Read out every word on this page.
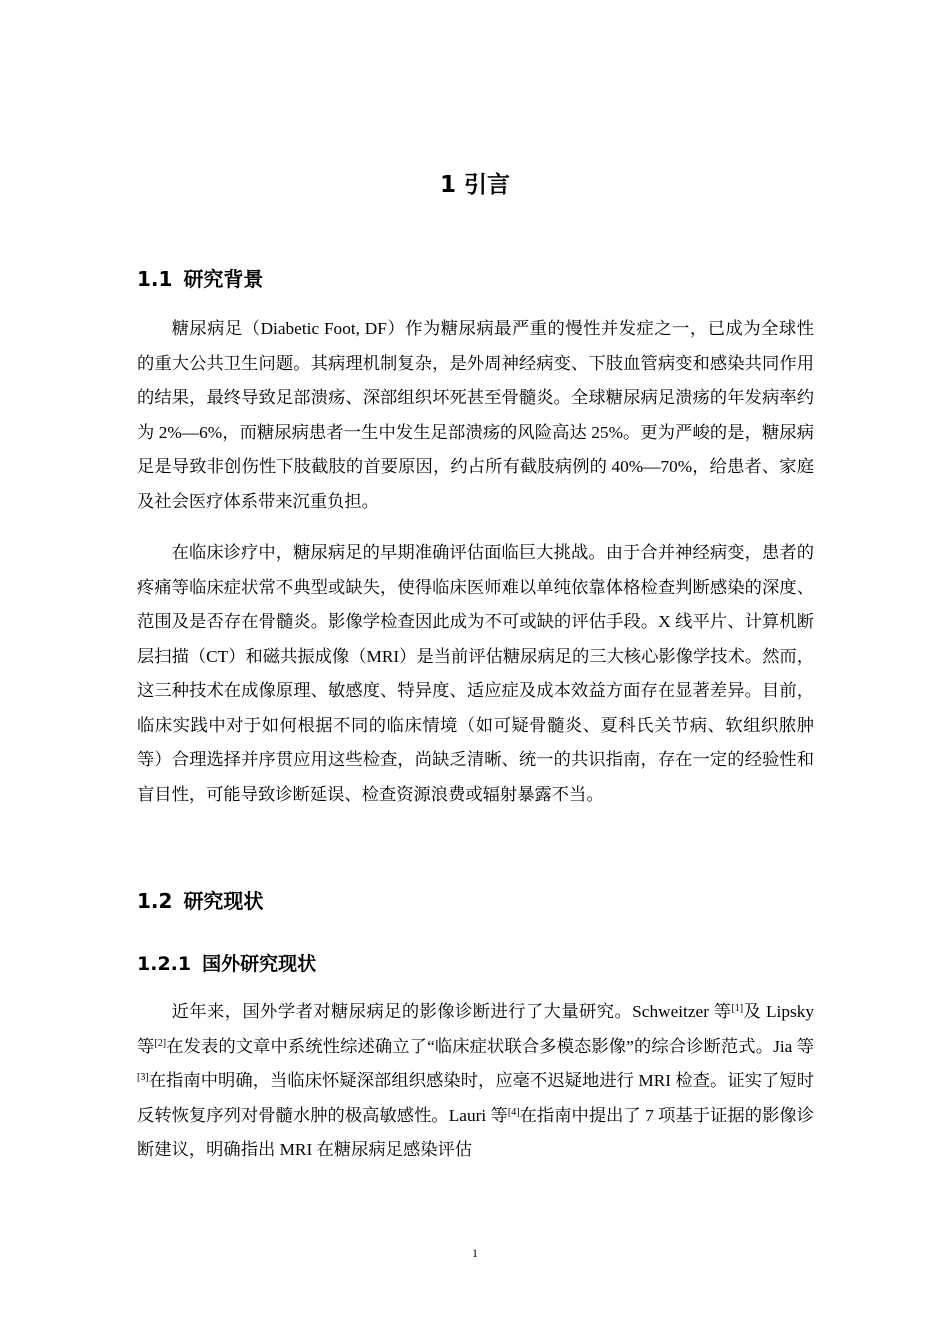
1 引言
1.1 研究背景

糖尿病足（Diabetic Foot, DF）作为糖尿病最严重的慢性并发症之一，已成为全球性的重大公共卫生问题。其病理机制复杂，是外周神经病变、下肢血管病变和感染共同作用的结果，最终导致足部溃疡、深部组织坏死甚至骨髓炎。全球糖尿病足溃疡的年发病率约为 2%—6%，而糖尿病患者一生中发生足部溃疡的风险高达 25%。更为严峻的是，糖尿病足是导致非创伤性下肢截肢的首要原因，约占所有截肢病例的 40%—70%，给患者、家庭及社会医疗体系带来沉重负担。

在临床诊疗中，糖尿病足的早期准确评估面临巨大挑战。由于合并神经病变，患者的疼痛等临床症状常不典型或缺失，使得临床医师难以单纯依靠体格检查判断感染的深度、范围及是否存在骨髓炎。影像学检查因此成为不可或缺的评估手段。X 线平片、计算机断层扫描（CT）和磁共振成像（MRI）是当前评估糖尿病足的三大核心影像学技术。然而，这三种技术在成像原理、敏感度、特异度、适应症及成本效益方面存在显著差异。目前，临床实践中对于如何根据不同的临床情境（如可疑骨髓炎、夏科氏关节病、软组织脓肿等）合理选择并序贯应用这些检查，尚缺乏清晰、统一的共识指南，存在一定的经验性和盲目性，可能导致诊断延误、检查资源浪费或辐射暴露不当。

1.2 研究现状
1.2.1 国外研究现状

近年来，国外学者对糖尿病足的影像诊断进行了大量研究。Schweitzer 等[1]及 Lipsky 等[2]在发表的文章中系统性综述确立了“临床症状联合多模态影像”的综合诊断范式。Jia 等[3]在指南中明确，当临床怀疑深部组织感染时，应毫不迟疑地进行 MRI 检查。证实了短时反转恢复序列对骨髓水肿的极高敏感性。Lauri 等[4]在指南中提出了 7 项基于证据的影像诊断建议，明确指出 MRI 在糖尿病足感染评估

1
